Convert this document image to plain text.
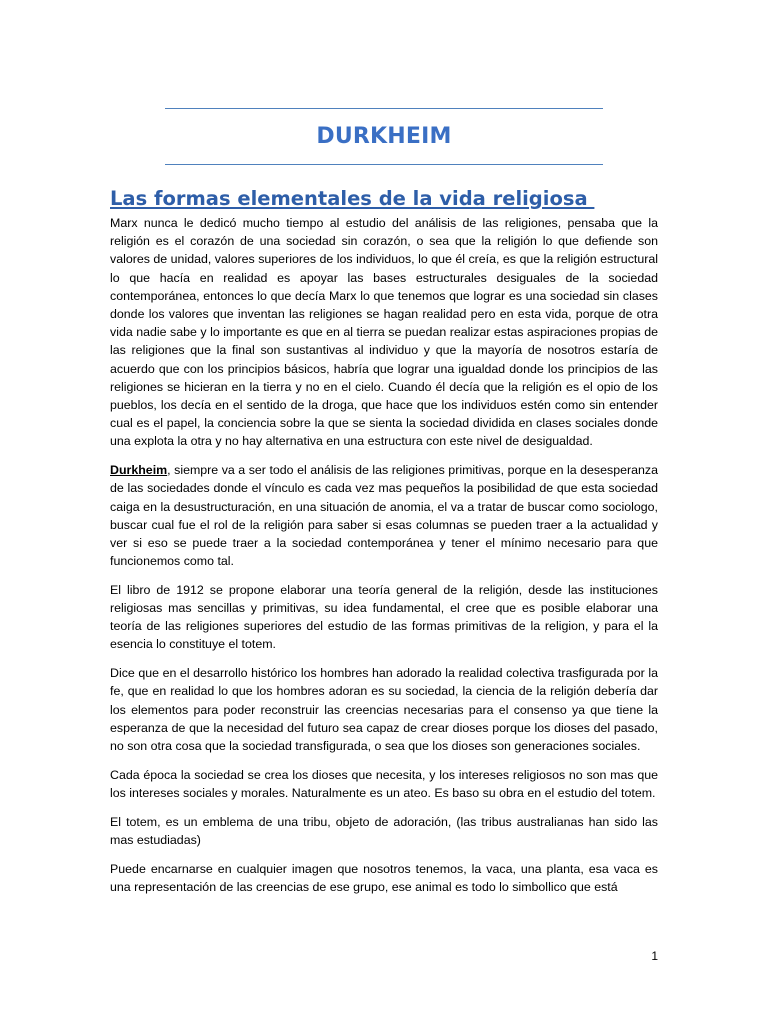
DURKHEIM
Las formas elementales de la vida religiosa

Marx nunca le dedicó mucho tiempo al estudio del análisis de las religiones, pensaba que la religión es el corazón de una sociedad sin corazón, o sea que la religión lo que defiende son valores de unidad, valores superiores de los individuos, lo que él creía, es que la religión estructural lo que hacía en realidad es apoyar las bases estructurales desiguales de la sociedad contemporánea, entonces lo que decía Marx lo que tenemos que lograr es una sociedad sin clases donde los valores que inventan las religiones se hagan realidad pero en esta vida, porque de otra vida nadie sabe y lo importante es que en al tierra se puedan realizar estas aspiraciones propias de las religiones que la final son sustantivas al individuo y que la mayoría de nosotros estaría de acuerdo que con los principios básicos, habría que lograr una igualdad donde los principios de las religiones se hicieran en la tierra y no en el cielo. Cuando él decía que la religión es el opio de los pueblos, los decía en el sentido de la droga, que hace que los individuos estén como sin entender cual es el papel, la conciencia sobre la que se sienta la sociedad dividida en clases sociales donde una explota la otra y no hay alternativa en una estructura con este nivel de desigualdad.

Durkheim, siempre va a ser todo el análisis de las religiones primitivas, porque en la desesperanza de las sociedades donde el vínculo es cada vez mas pequeños la posibilidad de que esta sociedad caiga en la desustructuración, en una situación de anomia, el va a tratar de buscar como sociologo, buscar cual fue el rol de la religión para saber si esas columnas se pueden traer a la actualidad y ver si eso se puede traer a la sociedad contemporánea y tener el mínimo necesario para que funcionemos como tal.

El libro de 1912 se propone elaborar una teoría general de la religión, desde las instituciones religiosas mas sencillas y primitivas, su idea fundamental, el cree que es posible elaborar una teoría de las religiones superiores del estudio de las formas primitivas de la religion, y para el la esencia lo constituye el totem.

Dice que en el desarrollo histórico los hombres han adorado la realidad colectiva trasfigurada por la fe, que en realidad lo que los hombres adoran es su sociedad, la ciencia de la religión debería dar los elementos para poder reconstruir las creencias necesarias para el consenso ya que tiene la esperanza de que la necesidad del futuro sea capaz de crear dioses porque los dioses del pasado, no son otra cosa que la sociedad transfigurada, o sea que los dioses son generaciones sociales.

Cada época la sociedad se crea los dioses que necesita, y los intereses religiosos no son mas que los intereses sociales y morales. Naturalmente es un ateo. Es baso su obra en el estudio del totem.

El totem, es un emblema de una tribu, objeto de adoración, (las tribus australianas han sido las mas estudiadas)

Puede encarnarse en cualquier imagen que nosotros tenemos, la vaca, una planta, esa vaca es una representación de las creencias de ese grupo, ese animal es todo lo simbollico que está

1
